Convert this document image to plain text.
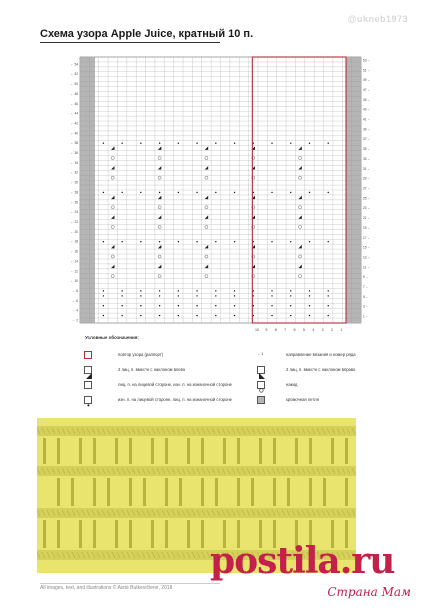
@ukneb1973
Схема узора Apple Juice, кратный 10 п.
← 54
← 52
← 50
← 48
← 46
← 44
← 42
← 40
← 38
← 36
← 34
← 32
← 30
← 28
← 26
← 24
← 22
← 20
← 18
← 16
← 14
← 12
← 10
← 8
← 6
← 4
← 2
53 ←
51 ←
49 ←
47 ←
45 ←
43 ←
41 ←
39 ←
37 ←
35 ←
33 ←
31 ←
29 ←
27 ←
25 ←
23 ←
21 ←
19 ←
17 ←
15 ←
13 ←
11 ←
9 ←
7 ←
5 ←
3 ←
1 ←
10 9 8 7 6 5 4 3 2 1
Условные обозначения:
повтор узора (раппорт)
2 лиц. п. вместе с наклоном влево
лиц. п. на лицевой стороне, изн. п. на изнаночной стороне
изн. п. на лицевой стороне, лиц. п. на изнаночной стороне
←1	направление вязания и номер ряда
2 лиц. п. вместе с наклоном вправо
накид
кромочная петля
All images, text, and illustrations © Aistė Butkevičienė, 2018
postila.ru
Страна Мам
